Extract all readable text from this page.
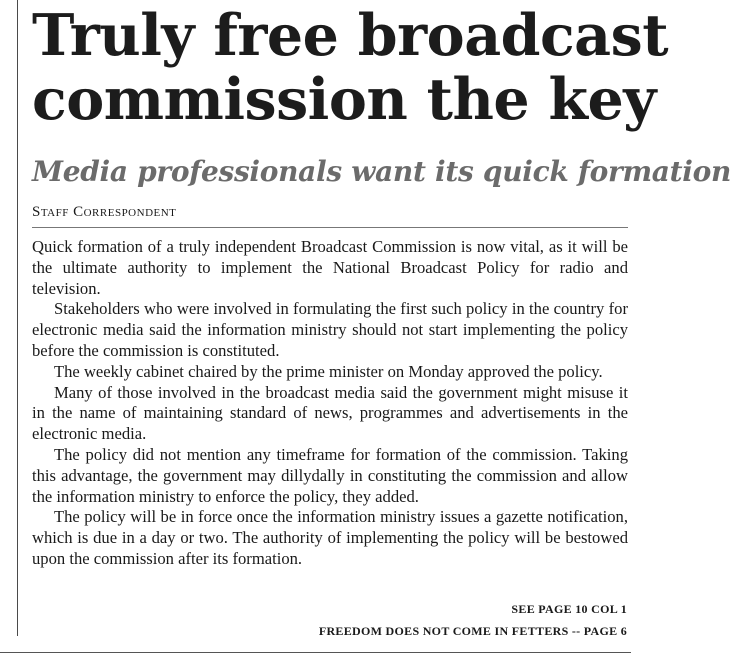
Truly free broadcast
commission the key
Media professionals want its quick formation
Staff Correspondent

Quick formation of a truly independent Broadcast Commission is now vital, as it will be the ultimate authority to implement the National Broadcast Policy for radio and television.

Stakeholders who were involved in formulating the first such policy in the country for electronic media said the information ministry should not start implementing the policy before the commission is constituted.

The weekly cabinet chaired by the prime minister on Monday approved the policy.

Many of those involved in the broadcast media said the government might misuse it in the name of maintaining standard of news, programmes and advertisements in the electronic media.

The policy did not mention any timeframe for formation of the commission. Taking this advantage, the government may dillydally in constituting the commission and allow the information ministry to enforce the policy, they added.

The policy will be in force once the information ministry issues a gazette notification, which is due in a day or two. The authority of implementing the policy will be bestowed upon the commission after its formation.

SEE PAGE 10 COL 1
FREEDOM DOES NOT COME IN FETTERS -- PAGE 6
